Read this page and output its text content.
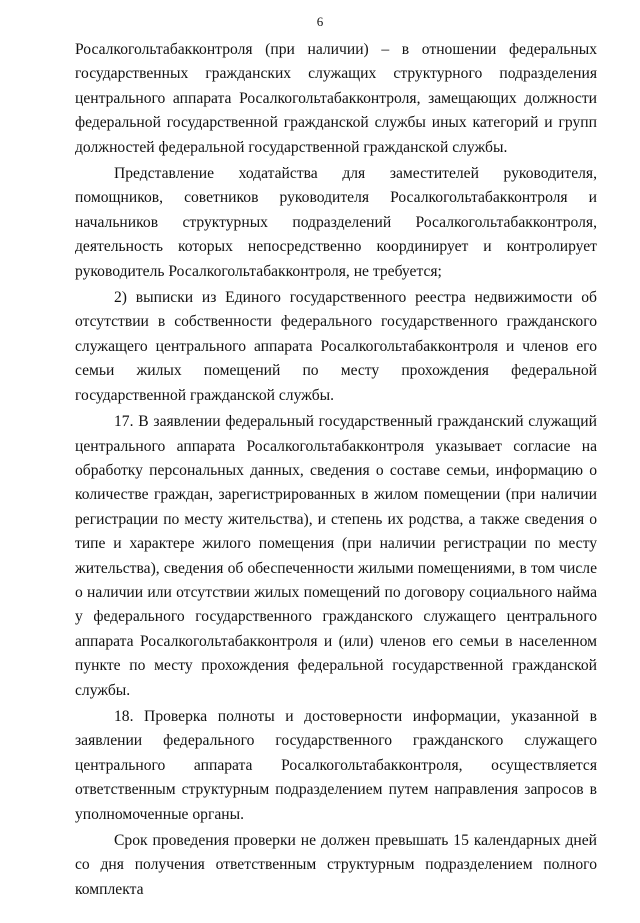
6

Росалкогольтабакконтроля (при наличии) – в отношении федеральных государственных гражданских служащих структурного подразделения центрального аппарата Росалкогольтабакконтроля, замещающих должности федеральной государственной гражданской службы иных категорий и групп должностей федеральной государственной гражданской службы.

Представление ходатайства для заместителей руководителя, помощников, советников руководителя Росалкогольтабакконтроля и начальников структурных подразделений Росалкогольтабакконтроля, деятельность которых непосредственно координирует и контролирует руководитель Росалкогольтабакконтроля, не требуется;

2) выписки из Единого государственного реестра недвижимости об отсутствии в собственности федерального государственного гражданского служащего центрального аппарата Росалкогольтабакконтроля и членов его семьи жилых помещений по месту прохождения федеральной государственной гражданской службы.

17. В заявлении федеральный государственный гражданский служащий центрального аппарата Росалкогольтабакконтроля указывает согласие на обработку персональных данных, сведения о составе семьи, информацию о количестве граждан, зарегистрированных в жилом помещении (при наличии регистрации по месту жительства), и степень их родства, а также сведения о типе и характере жилого помещения (при наличии регистрации по месту жительства), сведения об обеспеченности жилыми помещениями, в том числе о наличии или отсутствии жилых помещений по договору социального найма у федерального государственного гражданского служащего центрального аппарата Росалкогольтабакконтроля и (или) членов его семьи в населенном пункте по месту прохождения федеральной государственной гражданской службы.

18. Проверка полноты и достоверности информации, указанной в заявлении федерального государственного гражданского служащего центрального аппарата Росалкогольтабакконтроля, осуществляется ответственным структурным подразделением путем направления запросов в уполномоченные органы.

Срок проведения проверки не должен превышать 15 календарных дней со дня получения ответственным структурным подразделением полного комплекта
